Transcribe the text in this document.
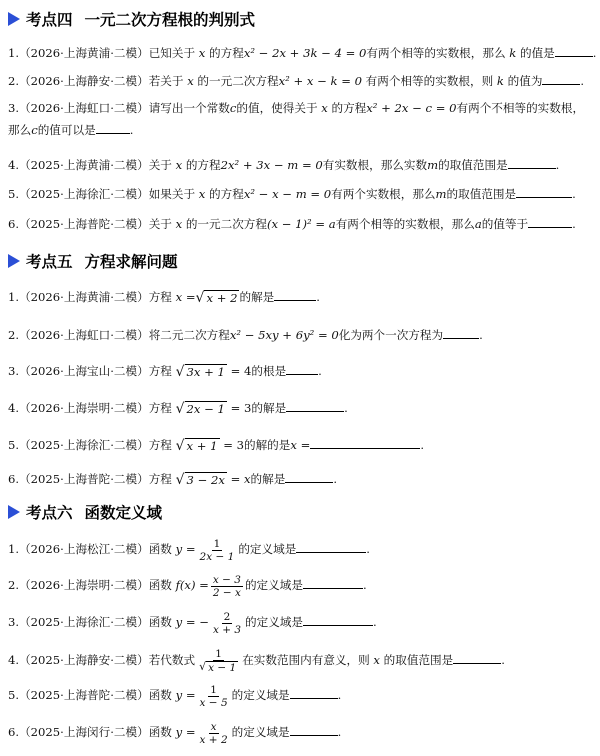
考点四 一元二次方程根的判别式
1.（2026·上海黄浦·二模）已知关于 x 的方程x² − 2x + 3k − 4 = 0有两个相等的实数根，那么 k 的值是	.
2.（2026·上海静安·二模）若关于 x 的一元二次方程x² + x − k = 0 有两个相等的实数根，则 k 的值为	.
3.（2026·上海虹口·二模）请写出一个常数c的值，使得关于 x 的方程x² + 2x − c = 0有两个不相等的实数根，
那么c的值可以是	.
4.（2025·上海黄浦·二模）关于 x 的方程2x² + 3x − m = 0有实数根，那么实数m的取值范围是	.
5.（2025·上海徐汇·二模）如果关于 x 的方程x² − x − m = 0有两个实数根，那么m的取值范围是	.
6.（2025·上海普陀·二模）关于 x 的一元二次方程(x − 1)² = a有两个相等的实数根，那么a的值等于	.
考点五 方程求解问题
1.（2026·上海黄浦·二模）方程 x = √ x + 2 的解是	.
2.（2026·上海虹口·二模）将二元二次方程x² − 5xy + 6y² = 0化为两个一次方程为	.
3.（2026·上海宝山·二模）方程 √ 3x + 1 = 4的根是	.
4.（2026·上海崇明·二模）方程 √ 2x − 1 = 3的解是	.
5.（2025·上海徐汇·二模）方程 √ x + 1 = 3的解的是x =	.
6.（2025·上海普陀·二模）方程 √ 3 − 2x = x的解是	.
考点六 函数定义域
1.（2026·上海松江·二模）函数 $y = \frac{1}{2x - 1}$ 的定义域是	.
2.（2026·上海崇明·二模）函数 $f(x) = \frac{x - 3}{2 - x}$ 的定义域是	.
3.（2025·上海徐汇·二模）函数 y = − $\frac{2}{x + 3}$ 的定义域是	.
4.（2025·上海静安·二模）若代数式 $\frac{1}{√ x - 1}$ 在实数范围内有意义，则 x 的取值范围是	.
5.（2025·上海普陀·二模）函数 $y = \frac{1}{x - 5}$ 的定义域是	.
6.（2025·上海闵行·二模）函数 $y = \frac{x}{x + 2}$ 的定义域是	.
